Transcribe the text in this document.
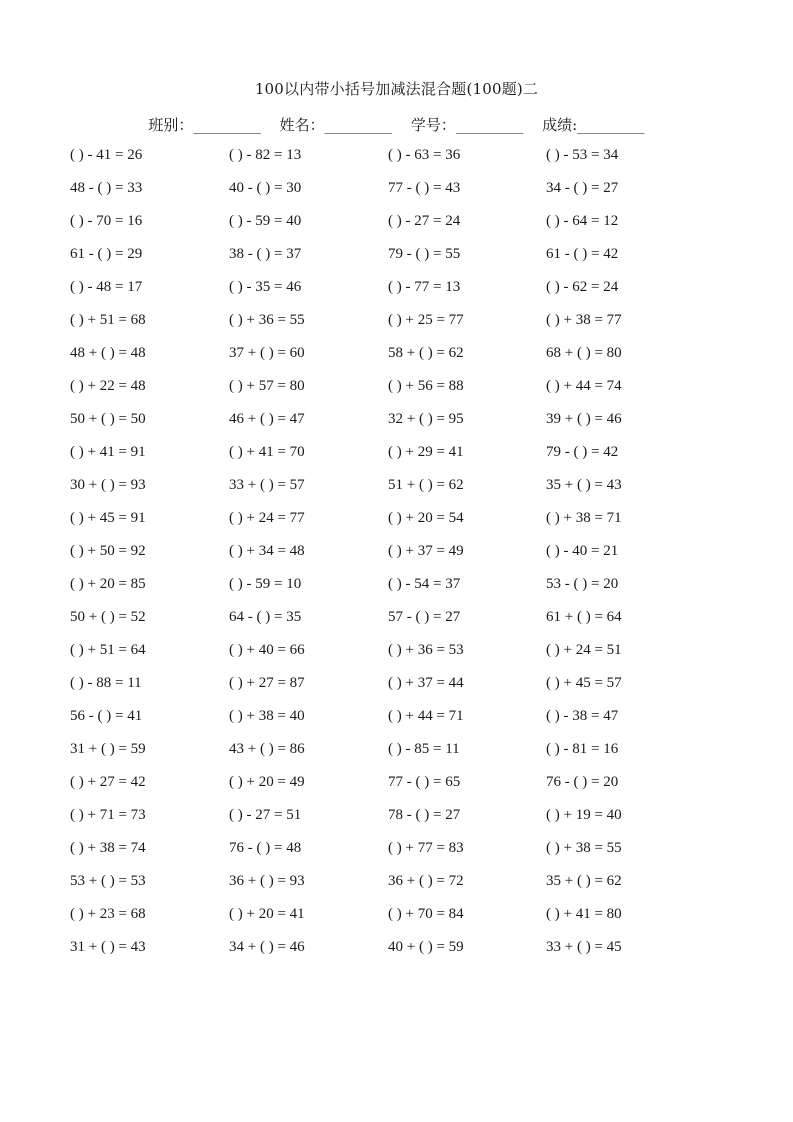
100以内带小括号加减法混合题(100题)二
班别：________ 姓名：________ 学号：________ 成绩:________
( ) - 41 = 26	( ) - 82 = 13	( ) - 63 = 36	( ) - 53 = 34
48 - ( ) = 33	40 - ( ) = 30	77 - ( ) = 43	34 - ( ) = 27
( ) - 70 = 16	( ) - 59 = 40	( ) - 27 = 24	( ) - 64 = 12
61 - ( ) = 29	38 - ( ) = 37	79 - ( ) = 55	61 - ( ) = 42
( ) - 48 = 17	( ) - 35 = 46	( ) - 77 = 13	( ) - 62 = 24
( ) + 51 = 68	( ) + 36 = 55	( ) + 25 = 77	( ) + 38 = 77
48 + ( ) = 48	37 + ( ) = 60	58 + ( ) = 62	68 + ( ) = 80
( ) + 22 = 48	( ) + 57 = 80	( ) + 56 = 88	( ) + 44 = 74
50 + ( ) = 50	46 + ( ) = 47	32 + ( ) = 95	39 + ( ) = 46
( ) + 41 = 91	( ) + 41 = 70	( ) + 29 = 41	79 - ( ) = 42
30 + ( ) = 93	33 + ( ) = 57	51 + ( ) = 62	35 + ( ) = 43
( ) + 45 = 91	( ) + 24 = 77	( ) + 20 = 54	( ) + 38 = 71
( ) + 50 = 92	( ) + 34 = 48	( ) + 37 = 49	( ) - 40 = 21
( ) + 20 = 85	( ) - 59 = 10	( ) - 54 = 37	53 - ( ) = 20
50 + ( ) = 52	64 - ( ) = 35	57 - ( ) = 27	61 + ( ) = 64
( ) + 51 = 64	( ) + 40 = 66	( ) + 36 = 53	( ) + 24 = 51
( ) - 88 = 11	( ) + 27 = 87	( ) + 37 = 44	( ) + 45 = 57
56 - ( ) = 41	( ) + 38 = 40	( ) + 44 = 71	( ) - 38 = 47
31 + ( ) = 59	43 + ( ) = 86	( ) - 85 = 11	( ) - 81 = 16
( ) + 27 = 42	( ) + 20 = 49	77 - ( ) = 65	76 - ( ) = 20
( ) + 71 = 73	( ) - 27 = 51	78 - ( ) = 27	( ) + 19 = 40
( ) + 38 = 74	76 - ( ) = 48	( ) + 77 = 83	( ) + 38 = 55
53 + ( ) = 53	36 + ( ) = 93	36 + ( ) = 72	35 + ( ) = 62
( ) + 23 = 68	( ) + 20 = 41	( ) + 70 = 84	( ) + 41 = 80
31 + ( ) = 43	34 + ( ) = 46	40 + ( ) = 59	33 + ( ) = 45
